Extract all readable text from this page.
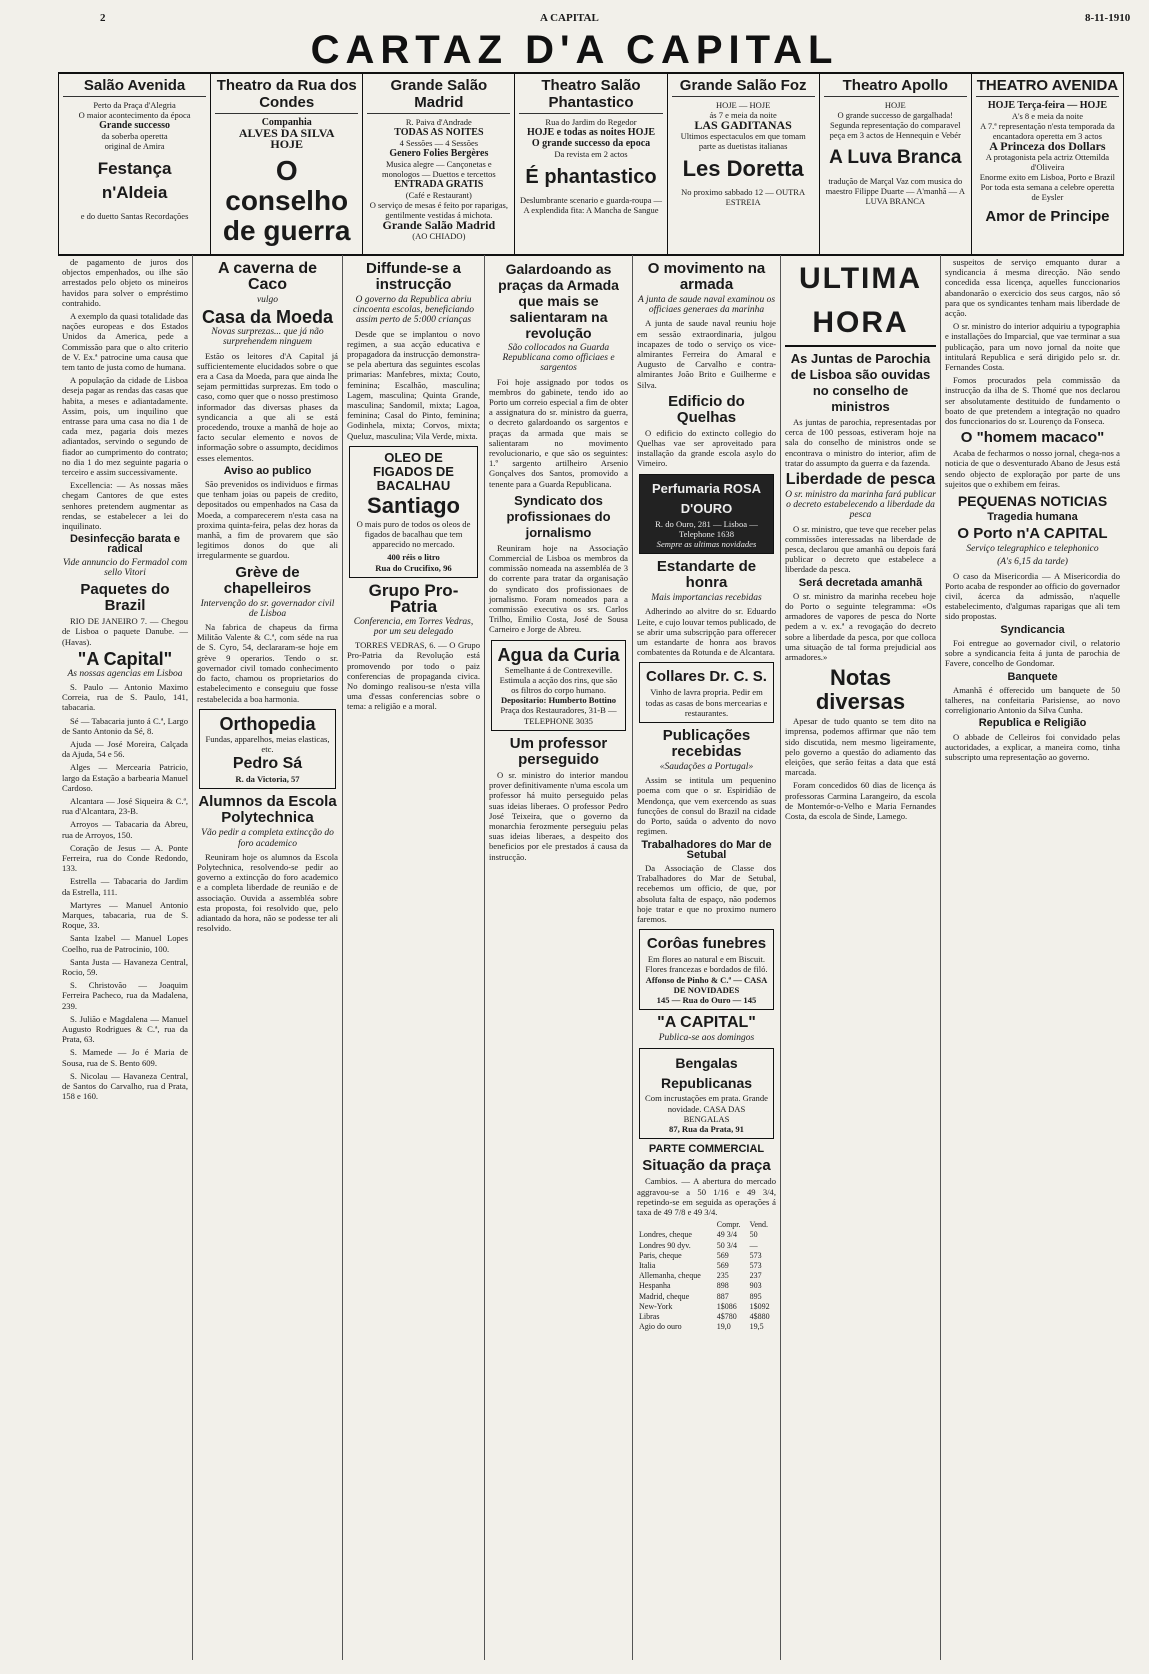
2	A CAPITAL	8-11-1910
CARTAZ D'A CAPITAL
Salão Avenida
Perto da Praça d'Alegria
O maior acontecimento da época
Grande successo
da soberba operetta
original de Amira
Festança n'Aldeia
e do duetto Santas Recordações
Theatro da Rua dos Condes
Companhia
ALVES DA SILVA
HOJE
O conselho de guerra
Grande Salão Madrid
R. Paiva d'Andrade
TODAS AS NOITES
4 Sessões — 4 Sessões
Genero Folies Bergères
Musica alegre — Cançonetas e monologos — Duettos e tercettos
ENTRADA GRATIS
(Café e Restaurant)
O serviço de mesas é feito por raparigas, gentilmente vestidas á michota.
Grande Salão Madrid
(AO CHIADO)
Theatro Salão Phantastico
Rua do Jardim do Regedor
HOJE e todas as noites HOJE
O grande successo da epoca
Da revista em 2 actos
É phantastico
Deslumbrante scenario e guarda-roupa — A explendida fita: A Mancha de Sangue
Grande Salão Foz
HOJE — HOJE
ás 7 e meia da noite
LAS GADITANAS
Ultimos espectaculos em que tomam parte as duetistas italianas
Les Doretta
No proximo sabbado 12 — OUTRA ESTREIA
Theatro Apollo
HOJE
O grande successo de gargalhada! Segunda representação do comparavel peça em 3 actos de Hennequin e Vebér
A Luva Branca
tradução de Marçal Vaz com musica do maestro Filippe Duarte — A'manhã — A LUVA BRANCA
THEATRO AVENIDA
HOJE Terça-feira — HOJE
A's 8 e meia da noite
A 7.ª representação n'esta temporada da encantadora operetta em 3 actos
A Princeza dos Dollars
A protagonista pela actriz Ottemilda d'Oliveira
Enorme exito em Lisboa, Porto e Brazil
Por toda esta semana a celebre operetta de Eysler
Amor de Principe

de pagamento de juros dos objectos empenhados, ou ilhe são arrestados pelo objeto os mineiros havidos para solver o empréstimo contrahido.

A exemplo da quasi totalidade das nações europeas e dos Estados Unidos da America, pede a Commissão para que o alto criterio de V. Ex.ª patrocine uma causa que tem tanto de justa como de humana.

A população da cidade de Lisboa deseja pagar as rendas das casas que habita, a meses e adiantadamente. Assim, pois, um inquilino que entrasse para uma casa no dia 1 de cada mez, pagaria dois mezes adiantados, servindo o segundo de fiador ao cumprimento do contrato; no dia 1 do mez seguinte pagaria o terceiro e assim successivamente.

Excellencia: — As nossas mães chegam Cantores de que estes senhores pretendem augmentar as rendas, se estabelecer a lei do inquilinato.

Desinfecção barata e radical
Vide annuncio do Fermadol com sello Vitori
Paquetes do Brazil

RIO DE JANEIRO 7. — Chegou de Lisboa o paquete Danube. — (Havas).

"A Capital"
As nossas agencias em Lisboa

S. Paulo — Antonio Maximo Correia, rua de S. Paulo, 141, tabacaria.

Sé — Tabacaria junto á C.ª, Largo de Santo Antonio da Sé, 8.

Ajuda — José Moreira, Calçada da Ajuda, 54 e 56.

Alges — Mercearia Patricio, largo da Estação a barbearia Manuel Cardoso.

Alcantara — José Siqueira & C.ª, rua d'Alcantara, 23-B.

Arroyos — Tabacaria da Abreu, rua de Arroyos, 150.

Coração de Jesus — A. Ponte Ferreira, rua do Conde Redondo, 133.

Estrella — Tabacaria do Jardim da Estrella, 111.

Martyres — Manuel Antonio Marques, tabacaria, rua de S. Roque, 33.

Santa Izabel — Manuel Lopes Coelho, rua de Patrocinio, 100.

Santa Justa — Havaneza Central, Rocio, 59.

S. Christovão — Joaquim Ferreira Pacheco, rua da Madalena, 239.

S. Julião e Magdalena — Manuel Augusto Rodrigues & C.ª, rua da Prata, 63.

S. Mamede — Jo é Maria de Sousa, rua de S. Bento 609.

S. Nicolau — Havaneza Central, de Santos do Carvalho, rua d Prata, 158 e 160.

A caverna de Caco
vulgo
Casa da Moeda
Novas surprezas... que já não surprehendem ninguem

Estão os leitores d'A Capital já sufficientemente elucidados sobre o que era a Casa da Moeda, para que ainda lhe sejam permittidas surprezas. Em todo o caso, como quer que o nosso prestimoso informador das diversas phases da syndicancia a que ali se está procedendo, trouxe a manhã de hoje ao facto secular elemento e novos de informação sobre o assumpto, decidimos esses elementos.

Aviso ao publico

São prevenidos os individuos e firmas que tenham joias ou papeis de credito, depositados ou empenhados na Casa da Moeda, a comparecerem n'esta casa na proxima quinta-feira, pelas dez horas da manhã, a fim de provarem que são legitimos donos do que ali irregularmente se guardou.

Grève de chapelleiros
Intervenção do sr. governador civil de Lisboa

Na fabrica de chapeus da firma Militão Valente & C.ª, com séde na rua de S. Cyro, 54, declararam-se hoje em grève 9 operarios. Tendo o sr. governador civil tomado conhecimento do facto, chamou os proprietarios do estabelecimento e conseguiu que fosse restabelecida a boa harmonia.

Orthopedia
Fundas, apparelhos, meias elasticas, etc.
Pedro Sá
R. da Victoria, 57
Alumnos da Escola Polytechnica
Vão pedir a completa extincção do foro academico

Reuniram hoje os alumnos da Escola Polytechnica, resolvendo-se pedir ao governo a extincção do foro academico e a completa liberdade de reunião e de associação. Ouvida a assembléa sobre esta proposta, foi resolvido que, pelo adiantado da hora, não se podesse ter ali resolvido.

Diffunde-se a instrucção
O governo da Republica abriu cincoenta escolas, beneficiando assim perto de 5:000 crianças

Desde que se implantou o novo regimen, a sua acção educativa e propagadora da instrucção demonstra-se pela abertura das seguintes escolas primarias: Manfebres, mixta; Couto, feminina; Escalhão, masculina; Lagem, masculina; Quinta Grande, masculina; Sandomil, mixta; Lagoa, feminina; Casal do Pinto, feminina; Godinhela, mixta; Corvos, mixta; Queluz, masculina; Vila Verde, mixta.

OLEO DE FIGADOS DE BACALHAU
Santiago
O mais puro de todos os oleos de figados de bacalhau que tem apparecido no mercado.
400 réis o litro
Rua do Crucifixo, 96
Grupo Pro-Patria
Conferencia, em Torres Vedras, por um seu delegado

TORRES VEDRAS, 6. — O Grupo Pro-Patria da Revolução está promovendo por todo o paiz conferencias de propaganda civica. No domingo realisou-se n'esta villa uma d'essas conferencias sobre o tema: a religião e a moral.

Galardoando as praças da Armada que mais se salientaram na revolução
São collocados na Guarda Republicana como officiaes e sargentos

Foi hoje assignado por todos os membros do gabinete, tendo ido ao Porto um correio especial a fim de obter a assignatura do sr. ministro da guerra, o decreto galardoando os sargentos e praças da armada que mais se salientaram no movimento revolucionario, e que são os seguintes: 1.º sargento artilheiro Arsenio Gonçalves dos Santos, promovido a tenente para a Guarda Republicana.

Syndicato dos profissionaes do jornalismo

Reuniram hoje na Associação Commercial de Lisboa os membros da commissão nomeada na assembléa de 3 do corrente para tratar da organisação do syndicato dos profissionaes de jornalismo. Foram nomeados para a commissão executiva os srs. Carlos Trilho, Emilio Costa, José de Sousa Carneiro e Jorge de Abreu.

Agua da Curia
Semelhante á de Contrexeville. Estimula a acção dos rins, que são os filtros do corpo humano.
Depositario: Humberto Bottino
Praça dos Restauradores, 31-B — TELEPHONE 3035
Um professor perseguido

O sr. ministro do interior mandou prover definitivamente n'uma escola um professor há muito perseguido pelas suas ideias liberaes. O professor Pedro José Teixeira, que o governo da monarchia ferozmente perseguiu pelas suas ideias liberaes, a despeito dos beneficios por ele prestados á causa da instrucção.

O movimento na armada
A junta de saude naval examinou os officiaes generaes da marinha

A junta de saude naval reuniu hoje em sessão extraordinaria, julgou incapazes de todo o serviço os vice-almirantes Ferreira do Amaral e Augusto de Carvalho e contra-almirantes João Brito e Guilherme e Silva.

Edificio do Quelhas

O edificio do extincto collegio do Quelhas vae ser aproveitado para installação da grande escola asylo do Vimeiro.

Perfumaria ROSA D'OURO
R. do Ouro, 281 — Lisboa — Telephone 1638
Sempre as ultimas novidades
Estandarte de honra
Mais importancias recebidas

Adherindo ao alvitre do sr. Eduardo Leite, e cujo louvar temos publicado, de se abrir uma subscripção para offerecer um estandarte de honra aos bravos combatentes da Rotunda e de Alcantara.

Collares Dr. C. S.
Vinho de lavra propria. Pedir em todas as casas de bons mercearias e restaurantes.
Publicações recebidas
«Saudações a Portugal»

Assim se intitula um pequenino poema com que o sr. Espiridião de Mendonça, que vem exercendo as suas funcções de consul do Brazil na cidade do Porto, saúda o advento do novo regimen.

Trabalhadores do Mar de Setubal

Da Associação de Classe dos Trabalhadores do Mar de Setubal, recebemos um officio, de que, por absoluta falta de espaço, não podemos hoje tratar e que no proximo numero faremos.

Corôas funebres
Em flores ao natural e em Biscuit. Flores francezas e bordados de filó.
Affonso de Pinho & C.ª — CASA DE NOVIDADES
145 — Rua do Ouro — 145
"A CAPITAL"
Publica-se aos domingos
Bengalas Republicanas
Com incrustações em prata. Grande novidade. CASA DAS BENGALAS
87, Rua da Prata, 91
PARTE COMMERCIAL
Situação da praça

Cambios. — A abertura do mercado aggravou-se a 50 1/16 e 49 3/4, repetindo-se em seguida as operações á taxa de 49 7/8 e 49 3/4.

	Compr.	Vend.
Londres, cheque	49 3/4	50
Londres 90 dyv.	50 3/4	—
Paris, cheque	569	573
Italia	569	573
Allemanha, cheque	235	237
Hespanha	898	903
Madrid, cheque	887	895
New-York	1$086	1$092
Libras	4$780	4$880
Agio do ouro	19,0	19,5
ULTIMA HORA
As Juntas de Parochia de Lisboa são ouvidas no conselho de ministros

As juntas de parochia, representadas por cerca de 100 pessoas, estiveram hoje na sala do conselho de ministros onde se encontrava o ministro do interior, afim de tratar do assumpto da guerra e da fazenda.

Liberdade de pesca
O sr. ministro da marinha fará publicar o decreto estabelecendo a liberdade da pesca

O sr. ministro, que teve que receber pelas commissões interessadas na liberdade de pesca, declarou que amanhã ou depois fará publicar o decreto que estabelece a liberdade da pesca.

Será decretada amanhã

O sr. ministro da marinha recebeu hoje do Porto o seguinte telegramma: «Os armadores de vapores de pesca do Norte pedem a v. ex.ª a revogação do decreto sobre a liberdade da pesca, por que colloca uma situação de tal forma prejudicial aos armadores.»

Notas diversas

Apesar de tudo quanto se tem dito na imprensa, podemos affirmar que não tem sido discutida, nem mesmo ligeiramente, pelo governo a questão do adiamento das eleições, que serão feitas a data que está marcada.

Foram concedidos 60 dias de licença ás professoras Carmina Larangeiro, da escola de Montemór-o-Velho e Maria Fernandes Costa, da escola de Sinde, Lamego.

suspeitos de serviço emquanto durar a syndicancia á mesma direcção. Não sendo concedida essa licença, aquelles funccionarios abandonarão o exercicio dos seus cargos, não só para que os syndicantes tenham mais liberdade de acção.

O sr. ministro do interior adquiriu a typographia e installações do Imparcial, que vae terminar a sua publicação, para um novo jornal da noite que intitulará Republica e será dirigido pelo sr. dr. Fernandes Costa.

Fomos procurados pela commissão da instrucção da ilha de S. Thomé que nos declarou ser absolutamente destituido de fundamento o boato de que pretendem a integração no quadro dos funccionarios do sr. Lourenço da Fonseca.

O "homem macaco"

Acaba de fecharmos o nosso jornal, chega-nos a noticia de que o desventurado Abano de Jesus está sendo objecto de exploração por parte de uns sujeitos que o exhibem em feiras.

PEQUENAS NOTICIAS
Tragedia humana
O Porto n'A CAPITAL
Serviço telegraphico e telephonico
(A's 6,15 da tarde)

O caso da Misericordia — A Misericordia do Porto acaba de responder ao officio do governador civil, ácerca da admissão, n'aquelle estabelecimento, d'algumas raparigas que ali tem sido propostas.

Syndicancia

Foi entregue ao governador civil, o relatorio sobre a syndicancia feita á junta de parochia de Favere, concelho de Gondomar.

Banquete

Amanhã é offerecido um banquete de 50 talheres, na confeitaria Parisiense, ao novo correligionario Antonio da Silva Cunha.

Republica e Religião

O abbade de Celleiros foi convidado pelas auctoridades, a explicar, a maneira como, tinha subscripto uma representação ao governo.
